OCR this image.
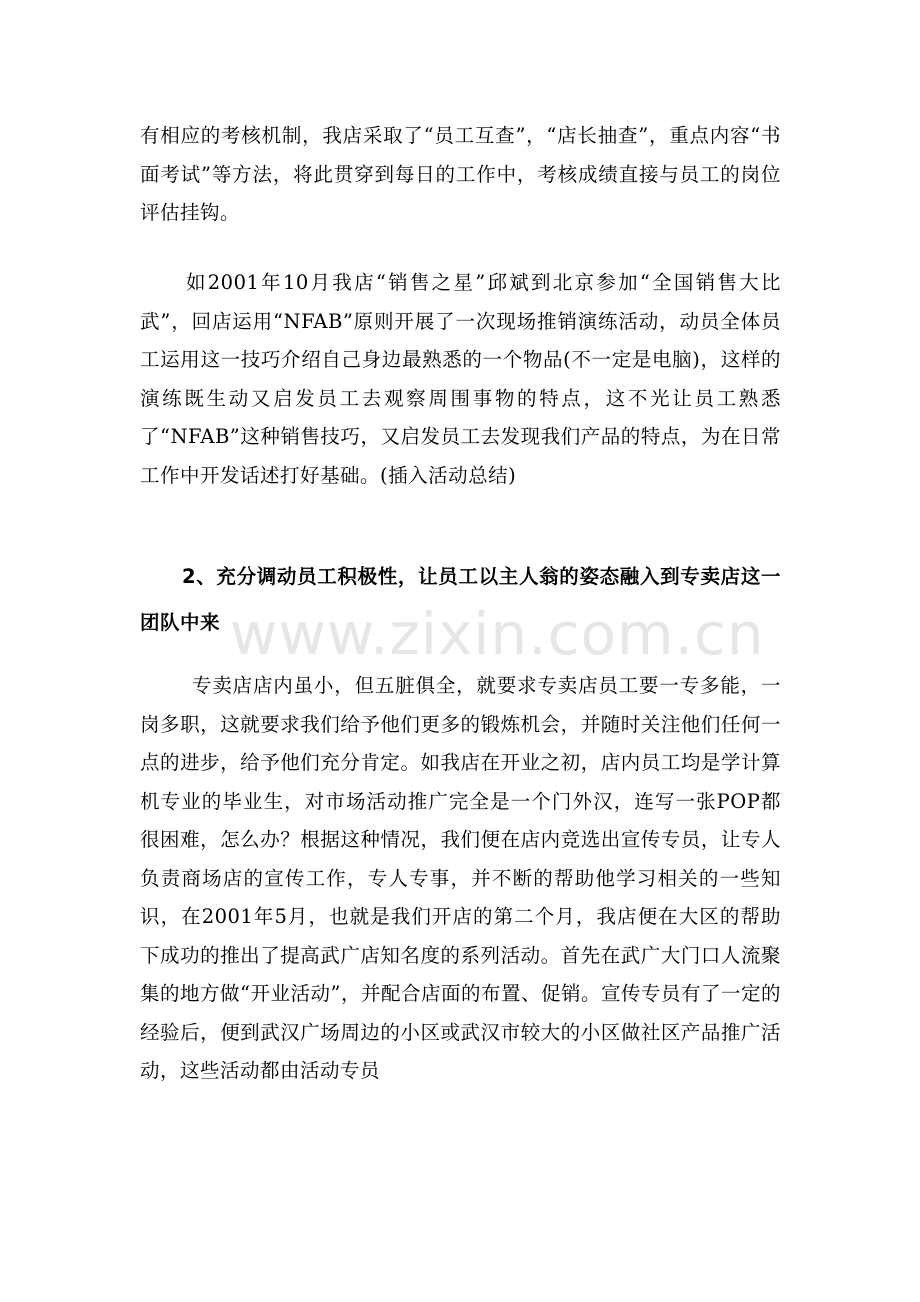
有相应的考核机制，我店采取了“员工互查”，“店长抽查”，重点内容“书面考试”等方法，将此贯穿到每日的工作中，考核成绩直接与员工的岗位评估挂钩。
如2001年10月我店“销售之星”邱斌到北京参加“全国销售大比武”，回店运用“NFAB”原则开展了一次现场推销演练活动，动员全体员工运用这一技巧介绍自己身边最熟悉的一个物品(不一定是电脑)，这样的演练既生动又启发员工去观察周围事物的特点，这不光让员工熟悉了“NFAB”这种销售技巧，又启发员工去发现我们产品的特点，为在日常工作中开发话述打好基础。(插入活动总结)
2、充分调动员工积极性，让员工以主人翁的姿态融入到专卖店这一团队中来
专卖店店内虽小，但五脏俱全，就要求专卖店员工要一专多能，一岗多职，这就要求我们给予他们更多的锻炼机会，并随时关注他们任何一点的进步，给予他们充分肯定。如我店在开业之初，店内员工均是学计算机专业的毕业生，对市场活动推广完全是一个门外汉，连写一张POP都很困难，怎么办？根据这种情况，我们便在店内竞选出宣传专员，让专人负责商场店的宣传工作，专人专事，并不断的帮助他学习相关的一些知识，在2001年5月，也就是我们开店的第二个月，我店便在大区的帮助下成功的推出了提高武广店知名度的系列活动。首先在武广大门口人流聚集的地方做“开业活动”，并配合店面的布置、促销。宣传专员有了一定的经验后，便到武汉广场周边的小区或武汉市较大的小区做社区产品推广活动，这些活动都由活动专员
www.zixin.com.cn
